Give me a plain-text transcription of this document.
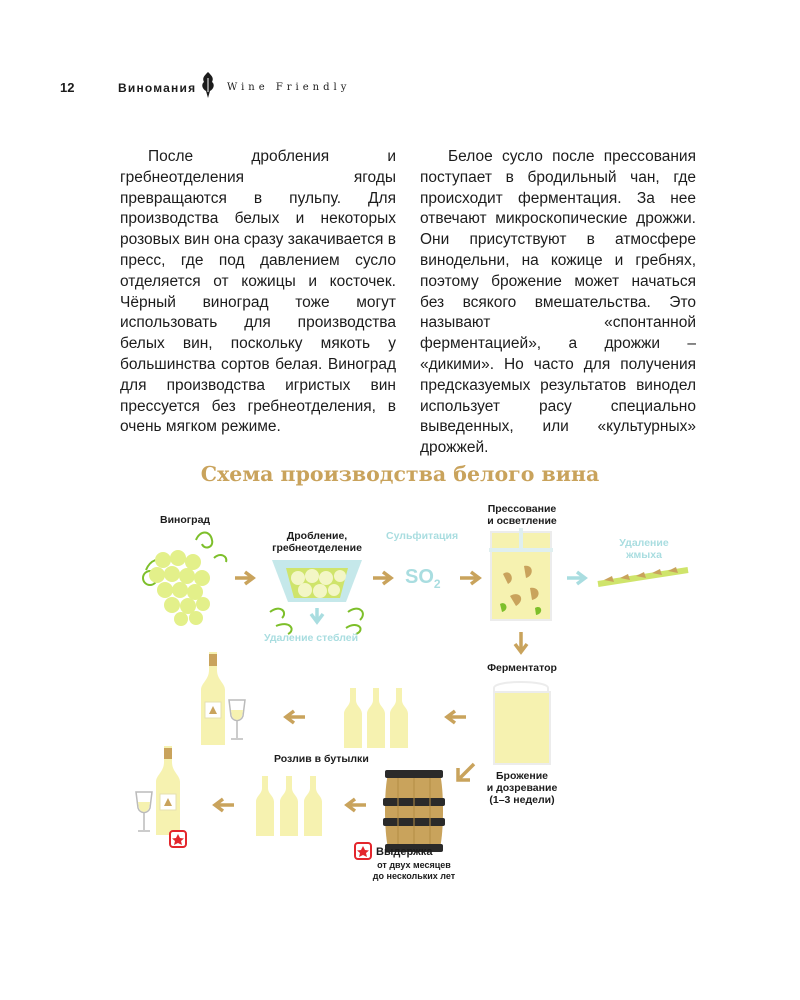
12	Виномания	Wine Friendly

После дробления и гребнеотделения ягоды превращаются в пульпу. Для производства белых и некоторых розовых вин она сразу закачивается в пресс, где под давлением сусло отделяется от кожицы и косточек. Чёрный виноград тоже могут использовать для производства белых вин, поскольку мякоть у большинства сортов белая. Виноград для производства игристых вин прессуется без гребнеотделения, в очень мягком режиме.

Белое сусло после прессования поступает в бродильный чан, где происходит ферментация. За нее отвечают микроскопические дрожжи. Они присутствуют в атмосфере винодельни, на кожице и гребнях, поэтому брожение может начаться без всякого вмешательства. Это называют «спонтанной ферментацией», а дрожжи – «дикими». Но часто для получения предсказуемых результатов винодел использует расу специально выведенных, или «культурных» дрожжей.

Схема производства белого вина
Виноград
Дробление,
гребнеотделение
Удаление стеблей
Сульфитация
$SO_2$
Прессование
и осветление
Удаление
жмыха
Ферментатор
Брожение
и дозревание
(1–3 недели)
Розлив в бутылки
Выдержка
от двух месяцев
до нескольких лет
